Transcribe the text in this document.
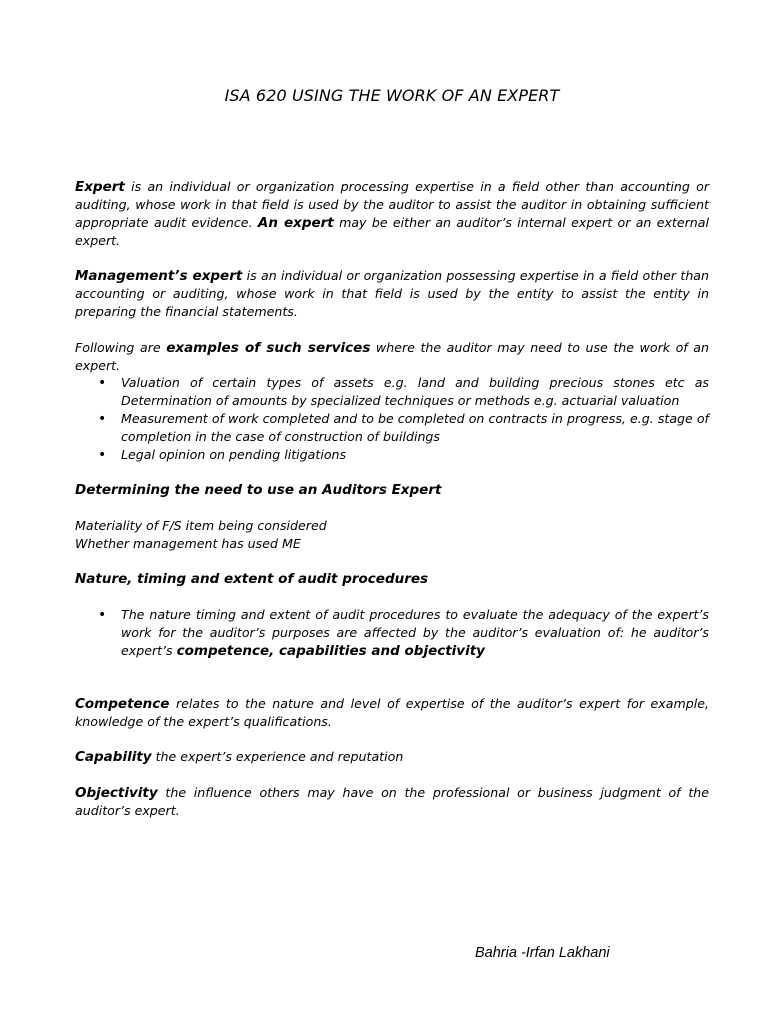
ISA 620 USING THE WORK OF AN EXPERT

Expert is an individual or organization processing expertise in a field other than accounting or auditing, whose work in that field is used by the auditor to assist the auditor in obtaining sufficient appropriate audit evidence. An expert may be either an auditor’s internal expert or an external expert.

Management’s expert is an individual or organization possessing expertise in a field other than accounting or auditing, whose work in that field is used by the entity to assist the entity in preparing the financial statements.

Following are examples of such services where the auditor may need to use the work of an expert.

• Valuation of certain types of assets e.g. land and building precious stones etc as Determination of amounts by specialized techniques or methods e.g. actuarial valuation
• Measurement of work completed and to be completed on contracts in progress, e.g. stage of completion in the case of construction of buildings
• Legal opinion on pending litigations

Determining the need to use an Auditors Expert

Materiality of F/S item being considered

Whether management has used ME

Nature, timing and extent of audit procedures

• The nature timing and extent of audit procedures to evaluate the adequacy of the expert’s work for the auditor’s purposes are affected by the auditor’s evaluation of: he auditor’s expert’s competence, capabilities and objectivity

Competence relates to the nature and level of expertise of the auditor’s expert for example, knowledge of the expert’s qualifications.

Capability the expert’s experience and reputation

Objectivity the influence others may have on the professional or business judgment of the auditor’s expert.

Bahria -Irfan Lakhani
